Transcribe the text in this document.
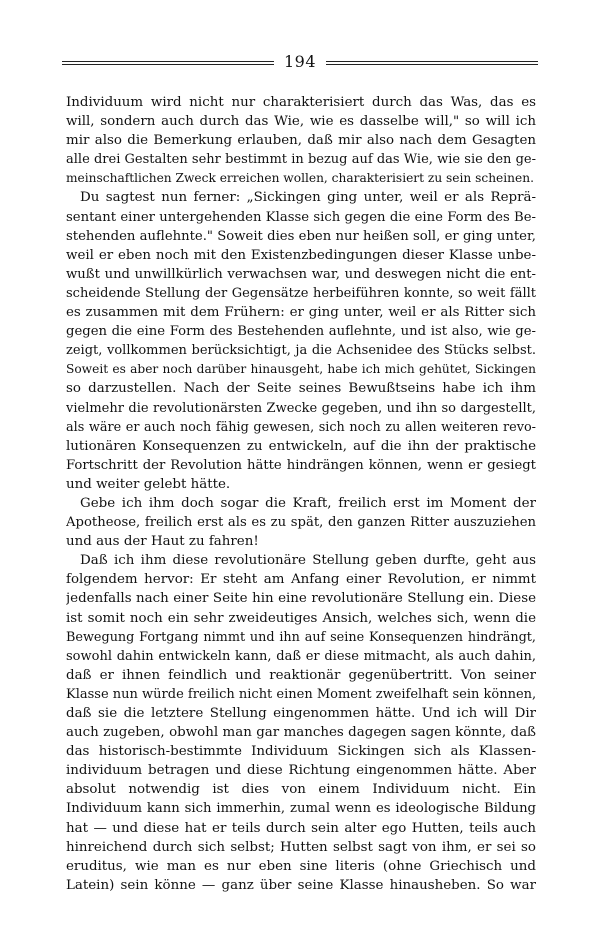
194
Individuum wird nicht nur charakterisiert durch das Was, das es
will, sondern auch durch das Wie, wie es dasselbe will," so will ich
mir also die Bemerkung erlauben, daß mir also nach dem Gesagten
alle drei Gestalten sehr bestimmt in bezug auf das Wie, wie sie den ge-
meinschaftlichen Zweck erreichen wollen, charakterisiert zu sein scheinen.
Du sagtest nun ferner: „Sickingen ging unter, weil er als Reprä-
sentant einer untergehenden Klasse sich gegen die eine Form des Be-
stehenden auflehnte." Soweit dies eben nur heißen soll, er ging unter,
weil er eben noch mit den Existenzbedingungen dieser Klasse unbe-
wußt und unwillkürlich verwachsen war, und deswegen nicht die ent-
scheidende Stellung der Gegensätze herbeiführen konnte, so weit fällt
es zusammen mit dem Frühern: er ging unter, weil er als Ritter sich
gegen die eine Form des Bestehenden auflehnte, und ist also, wie ge-
zeigt, vollkommen berücksichtigt, ja die Achsenidee des Stücks selbst.
Soweit es aber noch darüber hinausgeht, habe ich mich gehütet, Sickingen
so darzustellen. Nach der Seite seines Bewußtseins habe ich ihm
vielmehr die revolutionärsten Zwecke gegeben, und ihn so dargestellt,
als wäre er auch noch fähig gewesen, sich noch zu allen weiteren revo-
lutionären Konsequenzen zu entwickeln, auf die ihn der praktische
Fortschritt der Revolution hätte hindrängen können, wenn er gesiegt
und weiter gelebt hätte.
Gebe ich ihm doch sogar die Kraft, freilich erst im Moment der
Apotheose, freilich erst als es zu spät, den ganzen Ritter auszuziehen
und aus der Haut zu fahren!
Daß ich ihm diese revolutionäre Stellung geben durfte, geht aus
folgendem hervor: Er steht am Anfang einer Revolution, er nimmt
jedenfalls nach einer Seite hin eine revolutionäre Stellung ein. Diese
ist somit noch ein sehr zweideutiges Ansich, welches sich, wenn die
Bewegung Fortgang nimmt und ihn auf seine Konsequenzen hindrängt,
sowohl dahin entwickeln kann, daß er diese mitmacht, als auch dahin,
daß er ihnen feindlich und reaktionär gegenübertritt. Von seiner
Klasse nun würde freilich nicht einen Moment zweifelhaft sein können,
daß sie die letztere Stellung eingenommen hätte. Und ich will Dir
auch zugeben, obwohl man gar manches dagegen sagen könnte, daß
das historisch-bestimmte Individuum Sickingen sich als Klassen-
individuum betragen und diese Richtung eingenommen hätte. Aber
absolut notwendig ist dies von einem Individuum nicht. Ein
Individuum kann sich immerhin, zumal wenn es ideologische Bildung
hat — und diese hat er teils durch sein alter ego Hutten, teils auch
hinreichend durch sich selbst; Hutten selbst sagt von ihm, er sei so
eruditus, wie man es nur eben sine literis (ohne Griechisch und
Latein) sein könne — ganz über seine Klasse hinausheben. So war
